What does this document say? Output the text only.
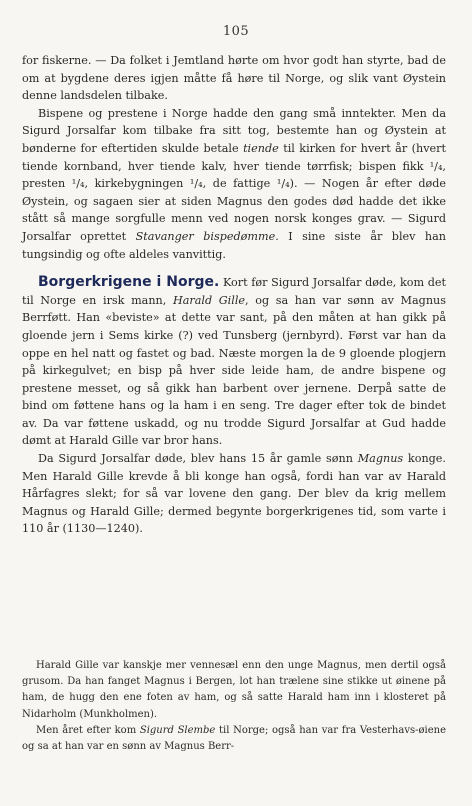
105

for fiskerne. — Da folket i Jemtland hørte om hvor godt han styrte, bad de om at bygdene deres igjen måtte få høre til Norge, og slik vant Øystein denne landsdelen tilbake.

Bispene og prestene i Norge hadde den gang små inntekter. Men da Sigurd Jorsalfar kom tilbake fra sitt tog, bestemte han og Øystein at bønderne for eftertiden skulde betale tiende til kirken for hvert år (hvert tiende kornband, hver tiende kalv, hver tiende tørrfisk; bispen fikk ¹/₄, presten ¹/₄, kirkebygningen ¹/₄, de fattige ¹/₄). — Nogen år efter døde Øystein, og sagaen sier at siden Magnus den godes død hadde det ikke stått så mange sorgfulle menn ved nogen norsk konges grav. — Sigurd Jorsalfar oprettet Stavanger bispedømme. I sine siste år blev han tungsindig og ofte aldeles vanvittig.

Borgerkrigene i Norge. Kort før Sigurd Jorsalfar døde, kom det til Norge en irsk mann, Harald Gille, og sa han var sønn av Magnus Berrføtt. Han «beviste» at dette var sant, på den måten at han gikk på gloende jern i Sems kirke (?) ved Tunsberg (jernbyrd). Først var han da oppe en hel natt og fastet og bad. Næste morgen la de 9 gloende plogjern på kirkegulvet; en bisp på hver side leide ham, de andre bispene og prestene messet, og så gikk han barbent over jernene. Derpå satte de bind om føttene hans og la ham i en seng. Tre dager efter tok de bindet av. Da var føttene uskadd, og nu trodde Sigurd Jorsalfar at Gud hadde dømt at Harald Gille var bror hans.

Da Sigurd Jorsalfar døde, blev hans 15 år gamle sønn Magnus konge. Men Harald Gille krevde å bli konge han også, fordi han var av Harald Hårfagres slekt; for så var lovene den gang. Der blev da krig mellem Magnus og Harald Gille; dermed begynte borgerkrigenes tid, som varte i 110 år (1130—1240).

Harald Gille var kanskje mer vennesæl enn den unge Magnus, men dertil også grusom. Da han fanget Magnus i Bergen, lot han trælene sine stikke ut øinene på ham, de hugg den ene foten av ham, og så satte Harald ham inn i klosteret på Nidarholm (Munkholmen).

Men året efter kom Sigurd Slembe til Norge; også han var fra Vesterhavs-øiene og sa at han var en sønn av Magnus Berr-
